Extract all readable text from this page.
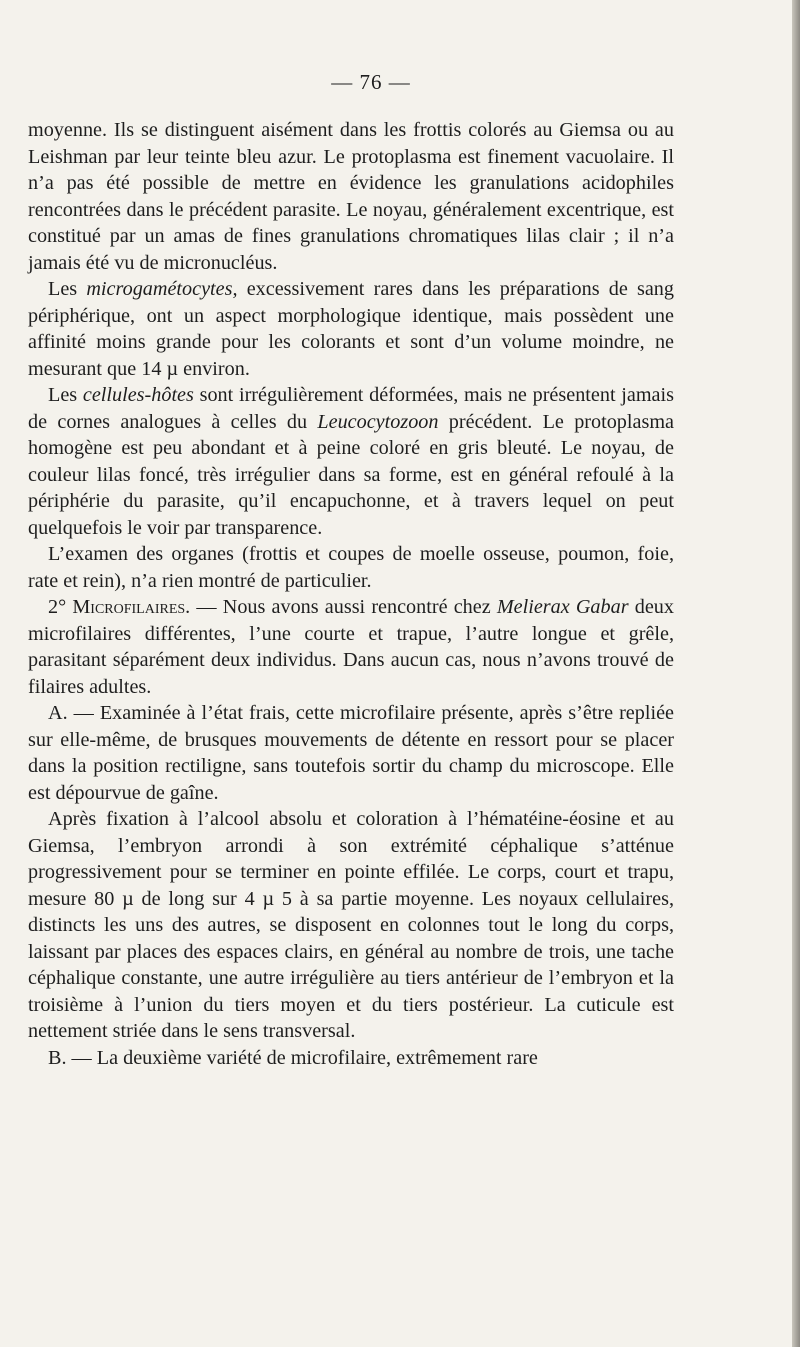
— 76 —

moyenne. Ils se distinguent aisément dans les frottis colorés au Giemsa ou au Leishman par leur teinte bleu azur. Le protoplasma est finement vacuolaire. Il n’a pas été possible de mettre en évidence les granulations acidophiles rencontrées dans le précédent parasite. Le noyau, généralement excentrique, est constitué par un amas de fines granulations chromatiques lilas clair ; il n’a jamais été vu de micronucléus.

Les microgamétocytes, excessivement rares dans les préparations de sang périphérique, ont un aspect morphologique identique, mais possèdent une affinité moins grande pour les colorants et sont d’un volume moindre, ne mesurant que 14 µ environ.

Les cellules-hôtes sont irrégulièrement déformées, mais ne présentent jamais de cornes analogues à celles du Leucocytozoon précédent. Le protoplasma homogène est peu abondant et à peine coloré en gris bleuté. Le noyau, de couleur lilas foncé, très irrégulier dans sa forme, est en général refoulé à la périphérie du parasite, qu’il encapuchonne, et à travers lequel on peut quelquefois le voir par transparence.

L’examen des organes (frottis et coupes de moelle osseuse, poumon, foie, rate et rein), n’a rien montré de particulier.

2° Microfilaires. — Nous avons aussi rencontré chez Melierax Gabar deux microfilaires différentes, l’une courte et trapue, l’autre longue et grêle, parasitant séparément deux individus. Dans aucun cas, nous n’avons trouvé de filaires adultes.

A. — Examinée à l’état frais, cette microfilaire présente, après s’être repliée sur elle-même, de brusques mouvements de détente en ressort pour se placer dans la position rectiligne, sans toutefois sortir du champ du microscope. Elle est dépourvue de gaîne.

Après fixation à l’alcool absolu et coloration à l’hématéine-éosine et au Giemsa, l’embryon arrondi à son extrémité céphalique s’atténue progressivement pour se terminer en pointe effilée. Le corps, court et trapu, mesure 80 µ de long sur 4 µ 5 à sa partie moyenne. Les noyaux cellulaires, distincts les uns des autres, se disposent en colonnes tout le long du corps, laissant par places des espaces clairs, en général au nombre de trois, une tache céphalique constante, une autre irrégulière au tiers antérieur de l’embryon et la troisième à l’union du tiers moyen et du tiers postérieur. La cuticule est nettement striée dans le sens transversal.

B. — La deuxième variété de microfilaire, extrêmement rare
